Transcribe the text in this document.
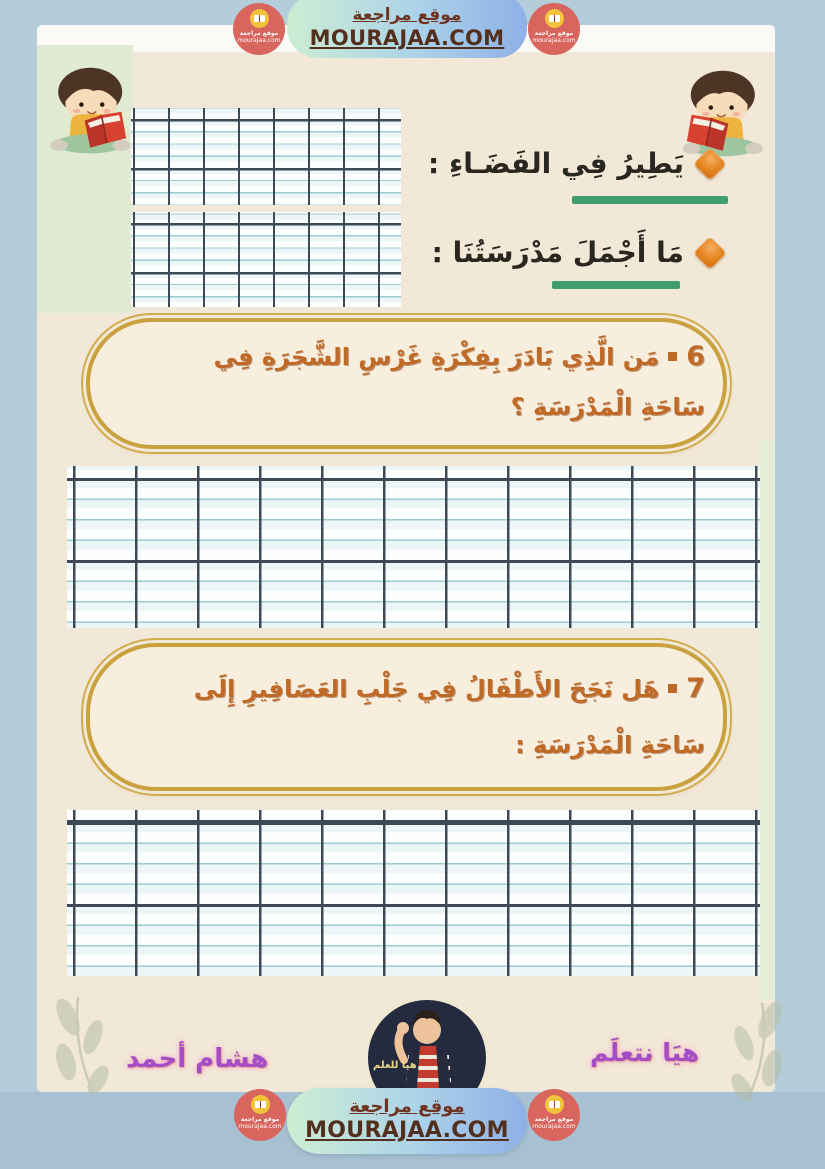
يَطِيرُ فِي الفَضَـاءِ :
مَا أَجْمَلَ مَدْرَسَتُنَا :
6مَن الَّذِي بَادَرَ بِفِكْرَةِ غَرْسِ الشَّجَرَةِ فِي
سَاحَةِ الْمَدْرَسَةِ ؟
7هَل نَجَحَ الأَطْفَالُ فِي جَلْبِ العَصَافِيرِ إِلَى
سَاحَةِ الْمَدْرَسَةِ :
هشام أحمد	هيَا نتعلَم
هيا للعلم
موقع مراجعة
MOURAJAA.COM
موقع مراجعة
MOURAJAA.COM
موقع مراجعة
mourajaa.com
موقع مراجعة
mourajaa.com
موقع مراجعة
mourajaa.com
موقع مراجعة
mourajaa.com
